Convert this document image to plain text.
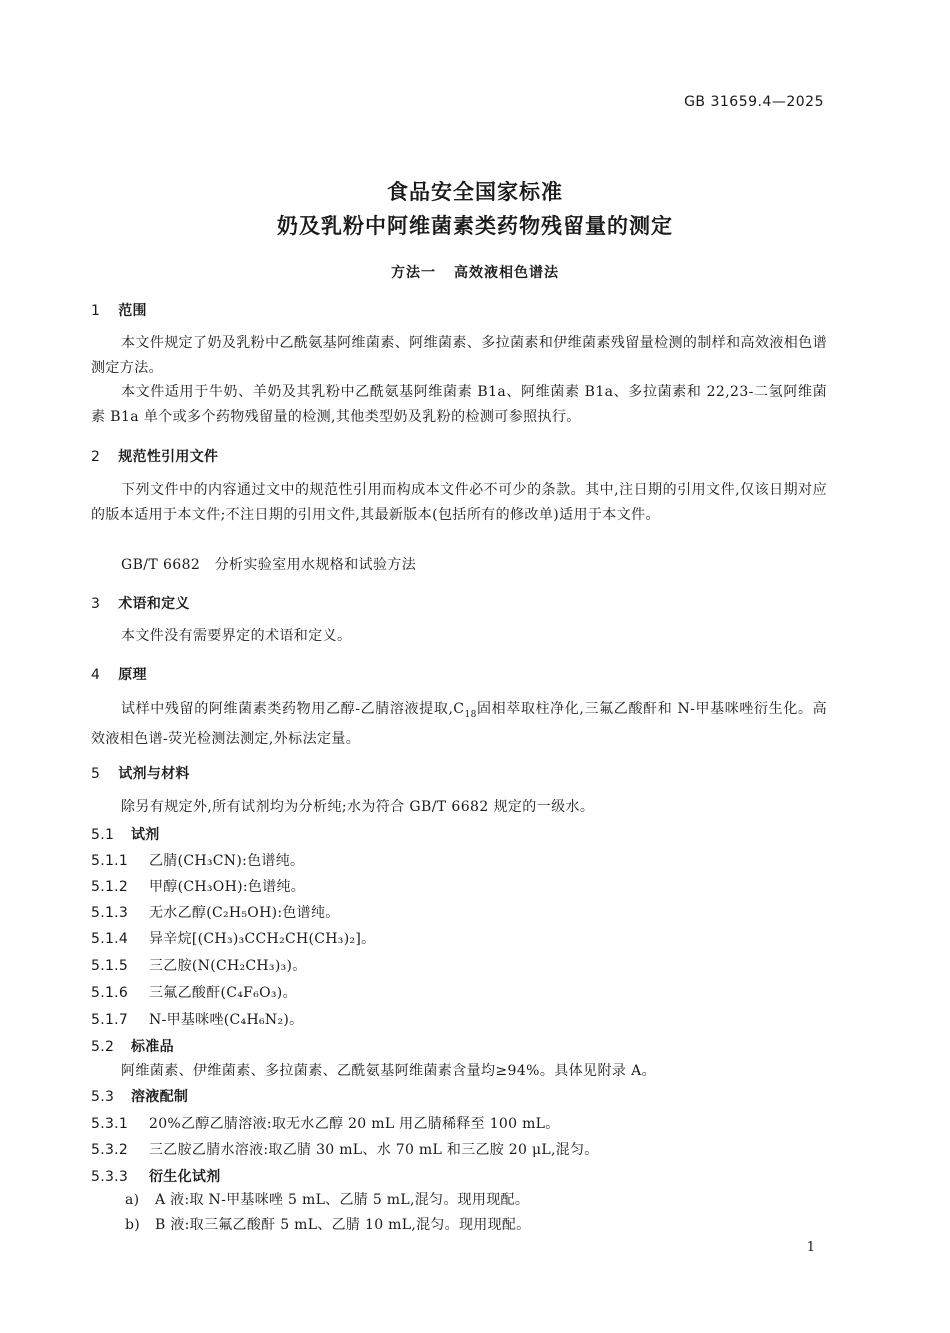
GB 31659.4—2025
食品安全国家标准
奶及乳粉中阿维菌素类药物残留量的测定
方法一 高效液相色谱法
1 范围
本文件规定了奶及乳粉中乙酰氨基阿维菌素、阿维菌素、多拉菌素和伊维菌素残留量检测的制样和高效液相色谱测定方法。
本文件适用于牛奶、羊奶及其乳粉中乙酰氨基阿维菌素 B1a、阿维菌素 B1a、多拉菌素和 22,23-二氢阿维菌素 B1a 单个或多个药物残留量的检测,其他类型奶及乳粉的检测可参照执行。
2 规范性引用文件
下列文件中的内容通过文中的规范性引用而构成本文件必不可少的条款。其中,注日期的引用文件,仅该日期对应的版本适用于本文件;不注日期的引用文件,其最新版本(包括所有的修改单)适用于本文件。
GB/T 6682　分析实验室用水规格和试验方法
3 术语和定义
本文件没有需要界定的术语和定义。
4 原理
试样中残留的阿维菌素类药物用乙醇-乙腈溶液提取$,C_{18}$固相萃取柱净化,三氟乙酸酐和 N-甲基咪唑衍生化。高效液相色谱-荧光检测法测定,外标法定量。
5 试剂与材料
除另有规定外,所有试剂均为分析纯;水为符合 GB/T 6682 规定的一级水。
5.1 试剂
5.1.1 乙腈(CH₃CN):色谱纯。
5.1.2 甲醇(CH₃OH):色谱纯。
5.1.3 无水乙醇(C₂H₅OH):色谱纯。
5.1.4 异辛烷[(CH₃)₃CCH₂CH(CH₃)₂]。
5.1.5 三乙胺(N(CH₂CH₃)₃)。
5.1.6 三氟乙酸酐(C₄F₆O₃)。
5.1.7 N-甲基咪唑(C₄H₆N₂)。
5.2 标准品
阿维菌素、伊维菌素、多拉菌素、乙酰氨基阿维菌素含量均≥94%。具体见附录 A。
5.3 溶液配制
5.3.1 20%乙醇乙腈溶液:取无水乙醇 20 mL 用乙腈稀释至 100 mL。
5.3.2 三乙胺乙腈水溶液:取乙腈 30 mL、水 70 mL 和三乙胺 20 μL,混匀。
5.3.3 衍生化试剂
a) A 液:取 N-甲基咪唑 5 mL、乙腈 5 mL,混匀。现用现配。
b) B 液:取三氟乙酸酐 5 mL、乙腈 10 mL,混匀。现用现配。
1
